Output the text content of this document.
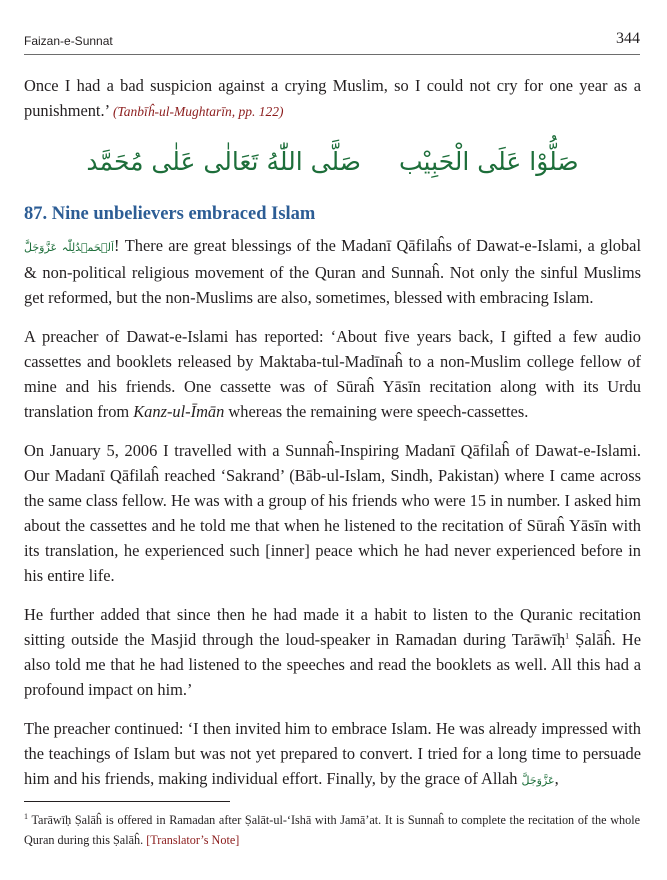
Faizan-e-Sunnat	344

Once I had a bad suspicion against a crying Muslim, so I could not cry for one year as a punishment.’ (Tanbīĥ-ul-Mughtarīn, pp. 122)

صَلُّوْا عَلَى الْحَبِيْب
صَلَّى اللّٰهُ تَعَالٰى عَلٰى مُحَمَّد
87. Nine unbelievers embraced Islam

اَلۡحَمۡدُلِلّٰہ عَزَّوَجَلَّ! There are great blessings of the Madanī Qāfilaĥs of Dawat-e-Islami, a global & non-political religious movement of the Quran and Sunnaĥ. Not only the sinful Muslims get reformed, but the non-Muslims are also, sometimes, blessed with embracing Islam.

A preacher of Dawat-e-Islami has reported: ‘About five years back, I gifted a few audio cassettes and booklets released by Maktaba-tul-Madīnaĥ to a non-Muslim college fellow of mine and his friends. One cassette was of Sūraĥ Yāsīn recitation along with its Urdu translation from Kanz-ul-Īmān whereas the remaining were speech-cassettes.

On January 5, 2006 I travelled with a Sunnaĥ-Inspiring Madanī Qāfilaĥ of Dawat-e-Islami. Our Madanī Qāfilaĥ reached ‘Sakrand’ (Bāb-ul-Islam, Sindh, Pakistan) where I came across the same class fellow. He was with a group of his friends who were 15 in number. I asked him about the cassettes and he told me that when he listened to the recitation of Sūraĥ Yāsīn with its translation, he experienced such [inner] peace which he had never experienced before in his entire life.

He further added that since then he had made it a habit to listen to the Quranic recitation sitting outside the Masjid through the loud-speaker in Ramadan during Tarāwīḥ$^1$ Ṣalāĥ. He also told me that he had listened to the speeches and read the booklets as well. All this had a profound impact on him.’

The preacher continued: ‘I then invited him to embrace Islam. He was already impressed with the teachings of Islam but was not yet prepared to convert. I tried for a long time to persuade him and his friends, making individual effort. Finally, by the grace of Allah عَزَّوَجَلَّ,

$^1$ Tarāwīḥ Ṣalāĥ is offered in Ramadan after Ṣalāt-ul-‘Ishā with Jamā’at. It is Sunnaĥ to complete the recitation of the whole Quran during this Ṣalāĥ. [Translator’s Note]
